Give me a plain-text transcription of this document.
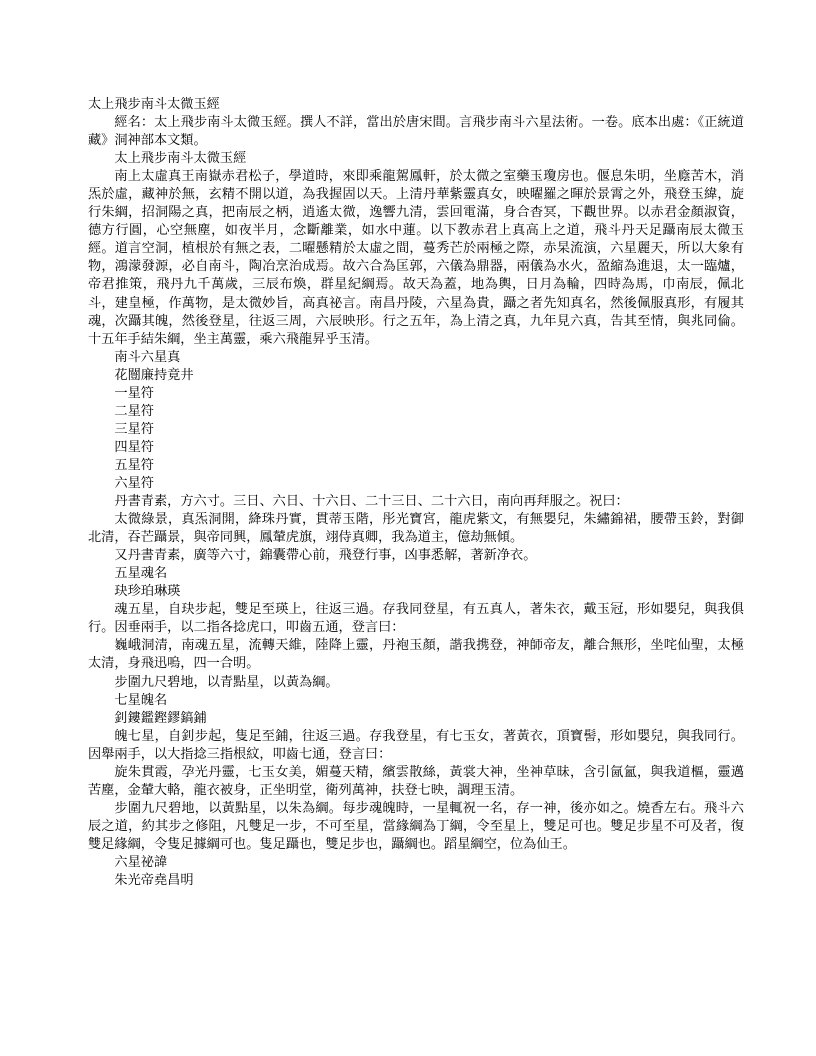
太上飛步南斗太微玉經

經名：太上飛步南斗太微玉經。撰人不詳，當出於唐宋間。言飛步南斗六星法術。一卷。底本出處：《正統道藏》洞神部本文類。

太上飛步南斗太微玉經

南上太虛真王南嶽赤君松子，學道時，來即乘龍駕鳳軒，於太微之室藥玉瓊房也。偃息朱明，坐廕苦木，消炁於虛，藏神於無，玄精不開以道，為我握固以天。上清丹華紫靈真女，映曜羅之暉於景霄之外，飛登玉緯，旋行朱綱，招洞陽之真，把南辰之柄，逍遙太微，逸響九清，雲回電滿，身合杳冥，下觀世界。以赤君金顏淑資，德方行圓，心空無塵，如夜半月，念斷離業，如水中蓮。以下教赤君上真高上之道，飛斗丹天足躡南辰太微玉經。道言空洞，植根於有無之表，二曜懸精於太虛之間，蔓秀芒於兩極之際，赤杲流演，六星麗天，所以大象有物，鴻濛發源，必自南斗，陶冶烹治成焉。故六合為匡郭，六儀為鼎器，兩儀為水火，盈縮為進退，太一臨爐，帝君推策，飛丹九千萬歲，三辰布煥，群星紀綱焉。故天為蓋，地為輿，日月為輪，四時為馬，巾南辰，佩北斗，建皇極，作萬物，是太微妙旨，高真祕言。南昌丹陵，六星為貴，躡之者先知真名，然後佩服真形，有履其魂，次躡其魄，然後登星，往返三周，六辰映形。行之五年，為上清之真，九年見六真，告其至情，與兆同倫。十五年手結朱綱，坐主萬靈，乘六飛龍昇乎玉清。

南斗六星真

花闓廉持竟井

一星符

二星符

三星符

四星符

五星符

六星符

丹書青素，方六寸。三日、六日、十六日、二十三日、二十六日，南向再拜服之。祝曰：

太微綠景，真炁洞開，絳珠丹實，貫蒂玉階，彤光寶宮，龍虎紫文，有無嬰兒，朱繡錦裙，腰帶玉鈴，對御北清，吞芒躡景，與帝同興，鳳輦虎旗，翊侍真卿，我為道主，億劫無傾。

又丹書青素，廣等六寸，錦囊帶心前，飛登行事，凶事悉解，著新净衣。

五星魂名

玦珍珀琳瑛

魂五星，自玦步起，雙足至瑛上，往返三過。存我同登星，有五真人，著朱衣，戴玉冠，形如嬰兒，與我俱行。因垂兩手，以二指各捻虎口，叩齒五通，登言曰：

巍峨洞清，南魂五星，流轉天維，陸降上靈，丹袍玉顏，諧我携登，神師帝友，離合無形，坐咤仙聖，太極太清，身飛迅嗚，四一合明。

步圍九尺碧地，以青點星，以黃為綱。

七星魄名

釗鏤鑑鏗鏐鎬鋪

魄七星，自釗步起，隻足至鋪，往返三過。存我登星，有七玉女，著黃衣，頂寶髻，形如嬰兒，與我同行。因舉兩手，以大指捻三指根紋，叩齒七通，登言曰：

旋朱貫霞，孕光丹靈，七玉女美，媚蔓天精，繽雲散絲，黃裳大神，坐神草昧，含引氤氳，與我道樞，靈邁苦塵，金輦大輅，龍衣被身，正坐明堂，衛列萬神，扶登七映，調理玉清。

步圍九尺碧地，以黃點星，以朱為綱。每步魂魄時，一星輒祝一名，存一神，後亦如之。燒香左右。飛斗六辰之道，約其步之修阻，凡雙足一步，不可至星，當緣綱為丁綱，令至星上，雙足可也。雙足步星不可及者，復雙足緣綱，令隻足據綱可也。隻足躡也，雙足步也，躡綱也。蹈星綱空，位為仙王。

六星祕諱

朱光帝堯昌明
